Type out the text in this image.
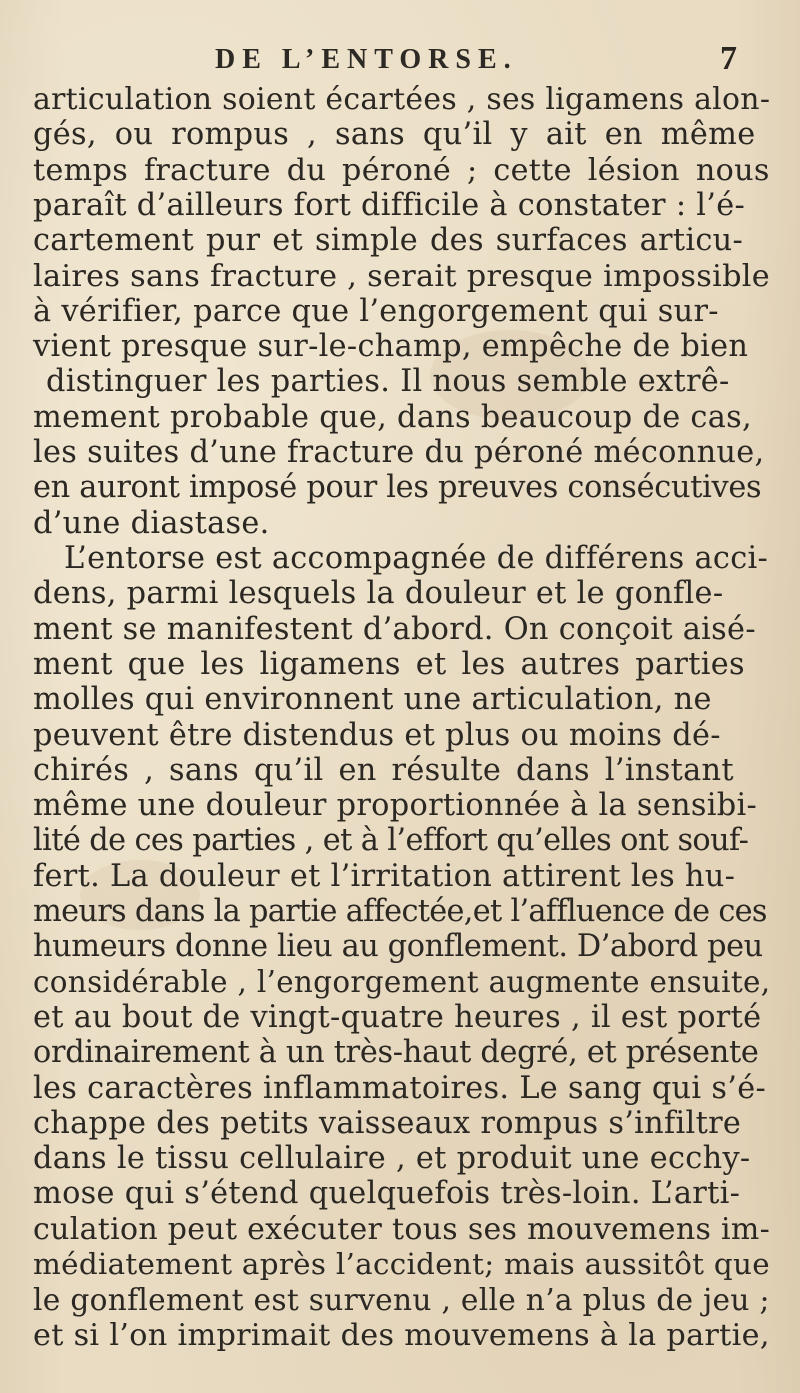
DE L’ENTORSE.	7
articulation soient écartées , ses ligamens alon-
gés, ou rompus , sans qu’il y ait en même
temps fracture du péroné ; cette lésion nous
paraît d’ailleurs fort difficile à constater : l’é-
cartement pur et simple des surfaces articu-
laires sans fracture , serait presque impossible
à vérifier, parce que l’engorgement qui sur-
vient presque sur-le-champ, empêche de bien
distinguer les parties. Il nous semble extrê-
mement probable que, dans beaucoup de cas,
les suites d’une fracture du péroné méconnue,
en auront imposé pour les preuves consécutives
d’une diastase.
L’entorse est accompagnée de différens acci-
dens, parmi lesquels la douleur et le gonfle-
ment se manifestent d’abord. On conçoit aisé-
ment que les ligamens et les autres parties
molles qui environnent une articulation, ne
peuvent être distendus et plus ou moins dé-
chirés , sans qu’il en résulte dans l’instant
même une douleur proportionnée à la sensibi-
lité de ces parties , et à l’effort qu’elles ont souf-
fert. La douleur et l’irritation attirent les hu-
meurs dans la partie affectée,et l’affluence de ces
humeurs donne lieu au gonflement. D’abord peu
considérable , l’engorgement augmente ensuite,
et au bout de vingt-quatre heures , il est porté
ordinairement à un très-haut degré, et présente
les caractères inflammatoires. Le sang qui s’é-
chappe des petits vaisseaux rompus s’infiltre
dans le tissu cellulaire , et produit une ecchy-
mose qui s’étend quelquefois très-loin. L’arti-
culation peut exécuter tous ses mouvemens im-
médiatement après l’accident; mais aussitôt que
le gonflement est survenu , elle n’a plus de jeu ;
et si l’on imprimait des mouvemens à la partie,
